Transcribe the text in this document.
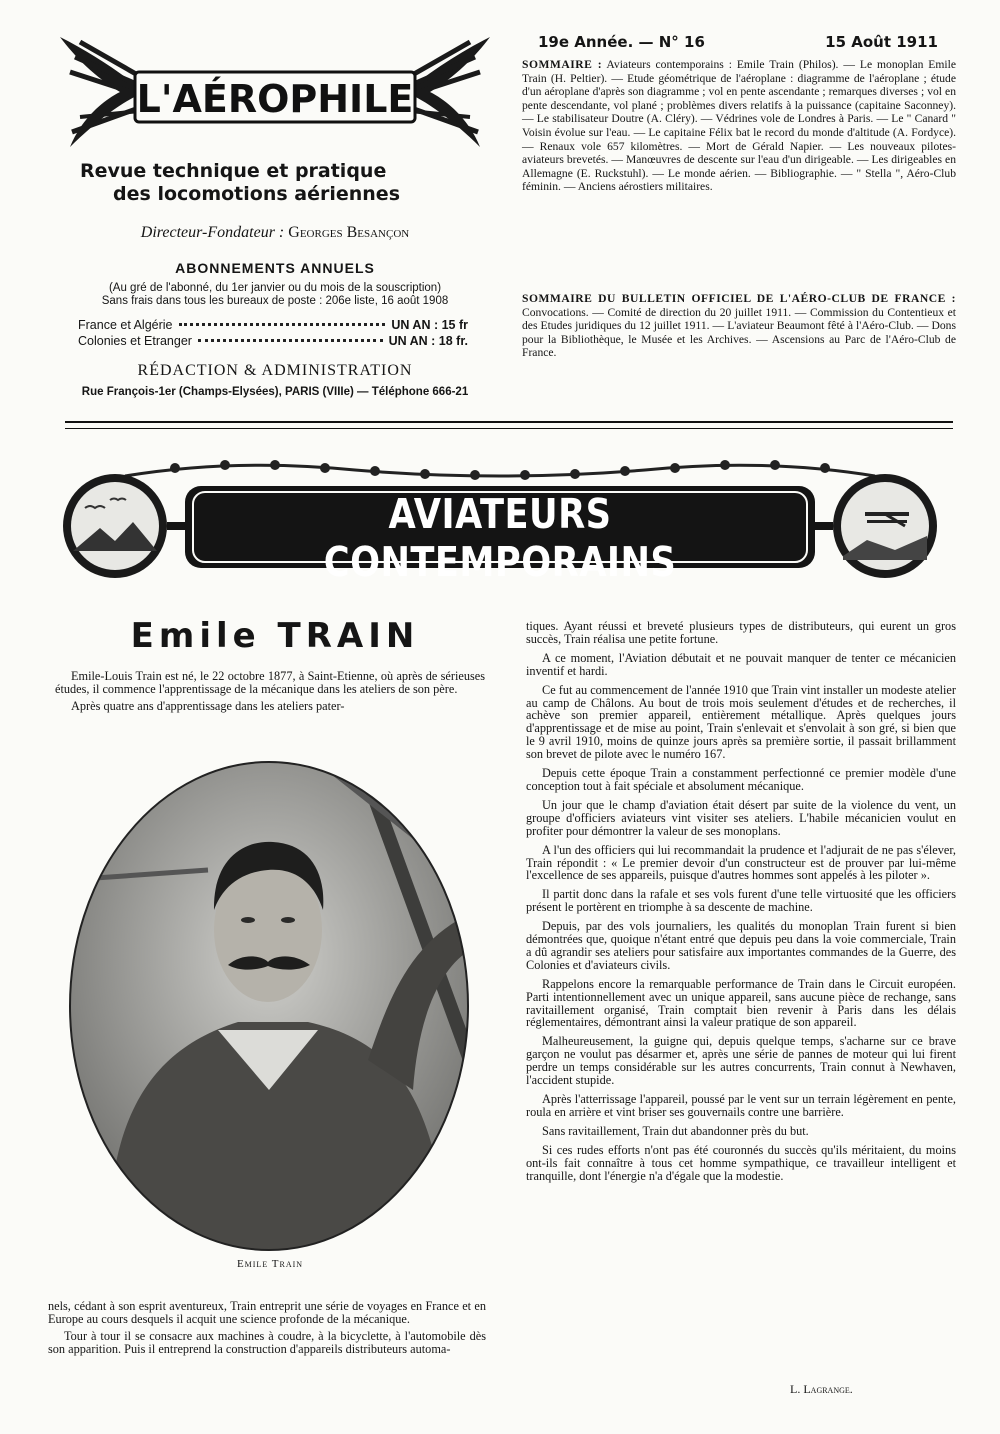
L'AÉROPHILE
Revue technique et pratique
des locomotions aériennes
Directeur-Fondateur : Georges Besançon
ABONNEMENTS ANNUELS
(Au gré de l'abonné, du 1er janvier ou du mois de la souscription)
Sans frais dans tous les bureaux de poste : 206e liste, 16 août 1908
France et Algérie	UN AN : 15 fr
Colonies et Etranger	UN AN : 18 fr.
RÉDACTION & ADMINISTRATION
Rue François-1er (Champs-Elysées), PARIS (VIIIe) — Téléphone 666-21
19e Année. — N° 16	15 Août 1911
SOMMAIRE : Aviateurs contemporains : Emile Train (Philos). — Le monoplan Emile Train (H. Peltier). — Etude géométrique de l'aéroplane : diagramme de l'aéroplane ; étude d'un aéroplane d'après son diagramme ; vol en pente ascendante ; remarques diverses ; vol en pente descendante, vol plané ; problèmes divers relatifs à la puissance (capitaine Saconney). — Le stabilisateur Doutre (A. Cléry). — Védrines vole de Londres à Paris. — Le " Canard " Voisin évolue sur l'eau. — Le capitaine Félix bat le record du monde d'altitude (A. Fordyce). — Renaux vole 657 kilomètres. — Mort de Gérald Napier. — Les nouveaux pilotes-aviateurs brevetés. — Manœuvres de descente sur l'eau d'un dirigeable. — Les dirigeables en Allemagne (E. Ruckstuhl). — Le monde aérien. — Bibliographie. — " Stella ", Aéro-Club féminin. — Anciens aérostiers militaires.
SOMMAIRE DU BULLETIN OFFICIEL DE L'AÉRO-CLUB DE FRANCE : Convocations. — Comité de direction du 20 juillet 1911. — Commission du Contentieux et des Etudes juridiques du 12 juillet 1911. — L'aviateur Beaumont fêté à l'Aéro-Club. — Dons pour la Bibliothèque, le Musée et les Archives. — Ascensions au Parc de l'Aéro-Club de France.
AVIATEURS CONTEMPORAINS
Emile TRAIN

Emile-Louis Train est né, le 22 octobre 1877, à Saint-Etienne, où après de sérieuses études, il commence l'apprentissage de la mécanique dans les ateliers de son père.

Après quatre ans d'apprentissage dans les ateliers pater-

Emile Train

nels, cédant à son esprit aventureux, Train entreprit une série de voyages en France et en Europe au cours desquels il acquit une science profonde de la mécanique.

Tour à tour il se consacre aux machines à coudre, à la bicyclette, à l'automobile dès son apparition. Puis il entreprend la construction d'appareils distributeurs automa-

tiques. Ayant réussi et breveté plusieurs types de distributeurs, qui eurent un gros succès, Train réalisa une petite fortune.

A ce moment, l'Aviation débutait et ne pouvait manquer de tenter ce mécanicien inventif et hardi.

Ce fut au commencement de l'année 1910 que Train vint installer un modeste atelier au camp de Châlons. Au bout de trois mois seulement d'études et de recherches, il achève son premier appareil, entièrement métallique. Après quelques jours d'apprentissage et de mise au point, Train s'enlevait et s'envolait à son gré, si bien que le 9 avril 1910, moins de quinze jours après sa première sortie, il passait brillamment son brevet de pilote avec le numéro 167.

Depuis cette époque Train a constamment perfectionné ce premier modèle d'une conception tout à fait spéciale et absolument mécanique.

Un jour que le champ d'aviation était désert par suite de la violence du vent, un groupe d'officiers aviateurs vint visiter ses ateliers. L'habile mécanicien voulut en profiter pour démontrer la valeur de ses monoplans.

A l'un des officiers qui lui recommandait la prudence et l'adjurait de ne pas s'élever, Train répondit : « Le premier devoir d'un constructeur est de prouver par lui-même l'excellence de ses appareils, puisque d'autres hommes sont appelés à les piloter ».

Il partit donc dans la rafale et ses vols furent d'une telle virtuosité que les officiers présent le portèrent en triomphe à sa descente de machine.

Depuis, par des vols journaliers, les qualités du monoplan Train furent si bien démontrées que, quoique n'étant entré que depuis peu dans la voie commerciale, Train a dû agrandir ses ateliers pour satisfaire aux importantes commandes de la Guerre, des Colonies et d'aviateurs civils.

Rappelons encore la remarquable performance de Train dans le Circuit européen. Parti intentionnellement avec un unique appareil, sans aucune pièce de rechange, sans ravitaillement organisé, Train comptait bien revenir à Paris dans les délais réglementaires, démontrant ainsi la valeur pratique de son appareil.

Malheureusement, la guigne qui, depuis quelque temps, s'acharne sur ce brave garçon ne voulut pas désarmer et, après une série de pannes de moteur qui lui firent perdre un temps considérable sur les autres concurrents, Train connut à Newhaven, l'accident stupide.

Après l'atterrissage l'appareil, poussé par le vent sur un terrain légèrement en pente, roula en arrière et vint briser ses gouvernails contre une barrière.

Sans ravitaillement, Train dut abandonner près du but.

Si ces rudes efforts n'ont pas été couronnés du succès qu'ils méritaient, du moins ont-ils fait connaître à tous cet homme sympathique, ce travailleur intelligent et tranquille, dont l'énergie n'a d'égale que la modestie.

L. Lagrange.
